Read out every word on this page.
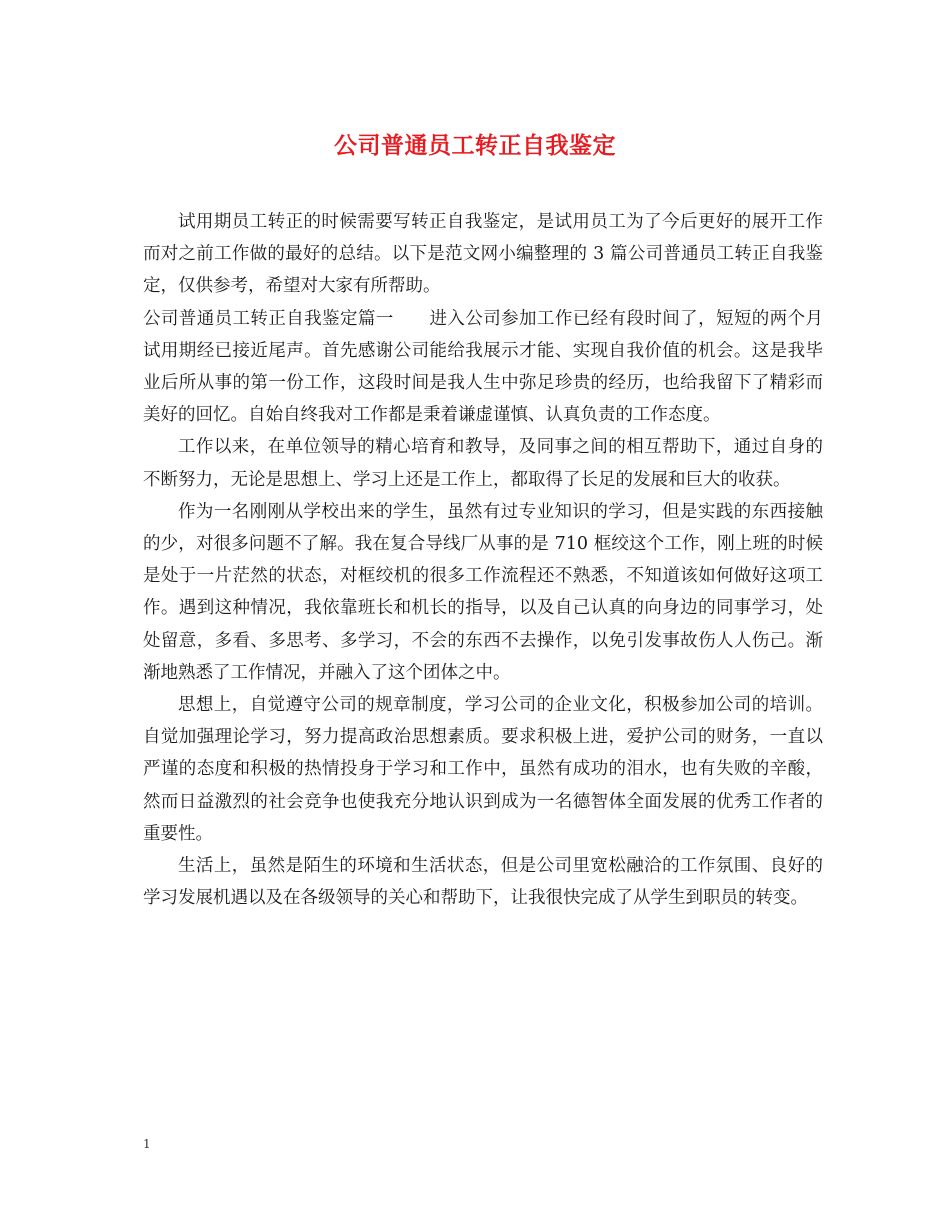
公司普通员工转正自我鉴定

试用期员工转正的时候需要写转正自我鉴定，是试用员工为了今后更好的展开工作而对之前工作做的最好的总结。以下是范文网小编整理的 3 篇公司普通员工转正自我鉴定，仅供参考，希望对大家有所帮助。

公司普通员工转正自我鉴定篇一　　进入公司参加工作已经有段时间了，短短的两个月试用期经已接近尾声。首先感谢公司能给我展示才能、实现自我价值的机会。这是我毕业后所从事的第一份工作，这段时间是我人生中弥足珍贵的经历，也给我留下了精彩而美好的回忆。自始自终我对工作都是秉着谦虚谨慎、认真负责的工作态度。

工作以来，在单位领导的精心培育和教导，及同事之间的相互帮助下，通过自身的不断努力，无论是思想上、学习上还是工作上，都取得了长足的发展和巨大的收获。

作为一名刚刚从学校出来的学生，虽然有过专业知识的学习，但是实践的东西接触的少，对很多问题不了解。我在复合导线厂从事的是 710 框绞这个工作，刚上班的时候是处于一片茫然的状态，对框绞机的很多工作流程还不熟悉，不知道该如何做好这项工作。遇到这种情况，我依靠班长和机长的指导，以及自己认真的向身边的同事学习，处处留意，多看、多思考、多学习，不会的东西不去操作，以免引发事故伤人人伤己。渐渐地熟悉了工作情况，并融入了这个团体之中。

思想上，自觉遵守公司的规章制度，学习公司的企业文化，积极参加公司的培训。自觉加强理论学习，努力提高政治思想素质。要求积极上进，爱护公司的财务，一直以严谨的态度和积极的热情投身于学习和工作中，虽然有成功的泪水，也有失败的辛酸，然而日益激烈的社会竞争也使我充分地认识到成为一名德智体全面发展的优秀工作者的重要性。

生活上，虽然是陌生的环境和生活状态，但是公司里宽松融洽的工作氛围、良好的学习发展机遇以及在各级领导的关心和帮助下，让我很快完成了从学生到职员的转变。

1
